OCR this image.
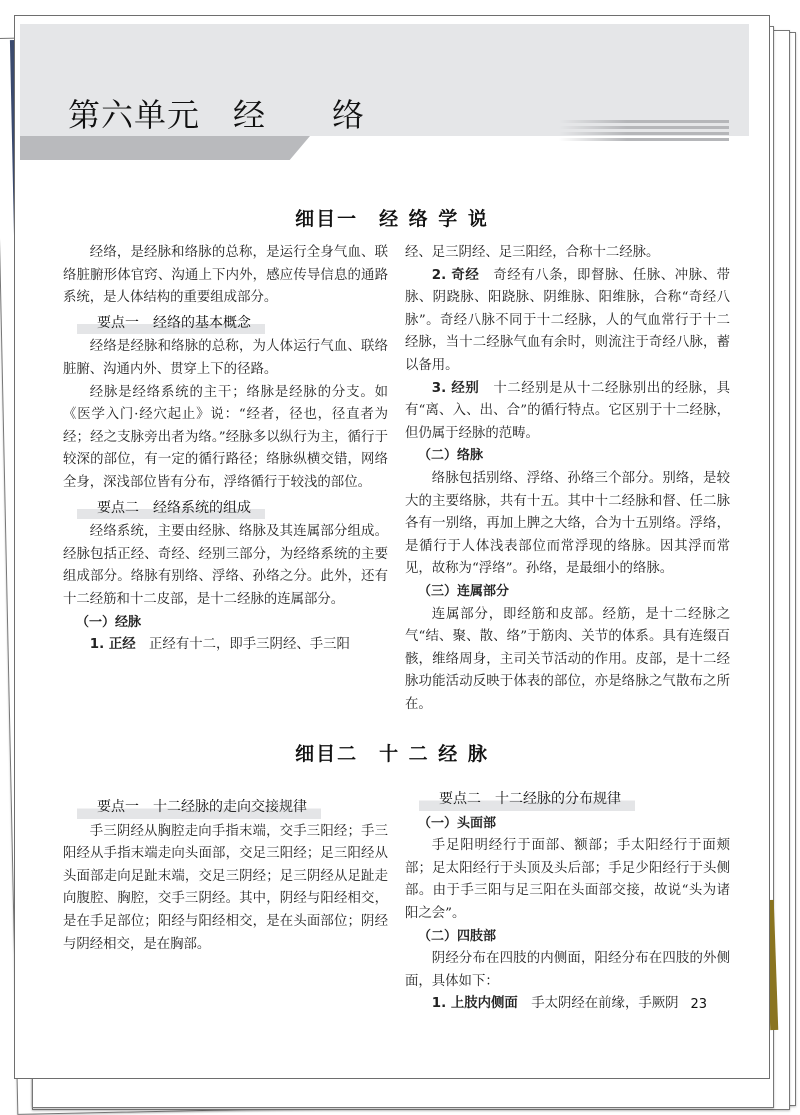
第六单元　经　　络
细目一　经 络 学 说

经络，是经脉和络脉的总称，是运行全身气血、联络脏腑形体官窍、沟通上下内外，感应传导信息的通路系统，是人体结构的重要组成部分。

要点一　经络的基本概念

经络是经脉和络脉的总称，为人体运行气血、联络脏腑、沟通内外、贯穿上下的径路。

经脉是经络系统的主干；络脉是经脉的分支。如《医学入门·经穴起止》说：“经者，径也，径直者为经；经之支脉旁出者为络。”经脉多以纵行为主，循行于较深的部位，有一定的循行路径；络脉纵横交错，网络全身，深浅部位皆有分布，浮络循行于较浅的部位。

要点二　经络系统的组成

经络系统，主要由经脉、络脉及其连属部分组成。经脉包括正经、奇经、经别三部分，为经络系统的主要组成部分。络脉有别络、浮络、孙络之分。此外，还有十二经筋和十二皮部，是十二经脉的连属部分。

（一）经脉

1. 正经　 正经有十二，即手三阴经、手三阳

经、足三阴经、足三阳经，合称十二经脉。

2. 奇经　 奇经有八条，即督脉、任脉、冲脉、带脉、阴跷脉、阳跷脉、阴维脉、阳维脉，合称“奇经八脉”。奇经八脉不同于十二经脉，人的气血常行于十二经脉，当十二经脉气血有余时，则流注于奇经八脉，蓄以备用。

3. 经别　 十二经别是从十二经脉别出的经脉，具有“离、入、出、合”的循行特点。它区别于十二经脉，但仍属于经脉的范畴。

（二）络脉

络脉包括别络、浮络、孙络三个部分。别络，是较大的主要络脉，共有十五。其中十二经脉和督、任二脉各有一别络，再加上脾之大络，合为十五别络。浮络，是循行于人体浅表部位而常浮现的络脉。因其浮而常见，故称为“浮络”。孙络，是最细小的络脉。

（三）连属部分

连属部分，即经筋和皮部。经筋，是十二经脉之气“结、聚、散、络”于筋肉、关节的体系。具有连缀百骸，维络周身，主司关节活动的作用。皮部，是十二经脉功能活动反映于体表的部位，亦是络脉之气散布之所在。

细目二　十 二 经 脉
要点一　十二经脉的走向交接规律

手三阴经从胸腔走向手指末端，交手三阳经；手三阳经从手指末端走向头面部，交足三阳经；足三阳经从头面部走向足趾末端，交足三阴经；足三阴经从足趾走向腹腔、胸腔，交手三阴经。其中，阴经与阳经相交，是在手足部位；阳经与阳经相交，是在头面部位；阴经与阴经相交，是在胸部。

要点二　十二经脉的分布规律
（一）头面部

手足阳明经行于面部、额部；手太阳经行于面颊部；足太阳经行于头顶及头后部；手足少阳经行于头侧部。由于手三阳与足三阳在头面部交接，故说“头为诸阳之会”。

（二）四肢部

阴经分布在四肢的内侧面，阳经分布在四肢的外侧面，具体如下：

1. 上肢内侧面　 手太阴经在前缘，手厥阴 23
